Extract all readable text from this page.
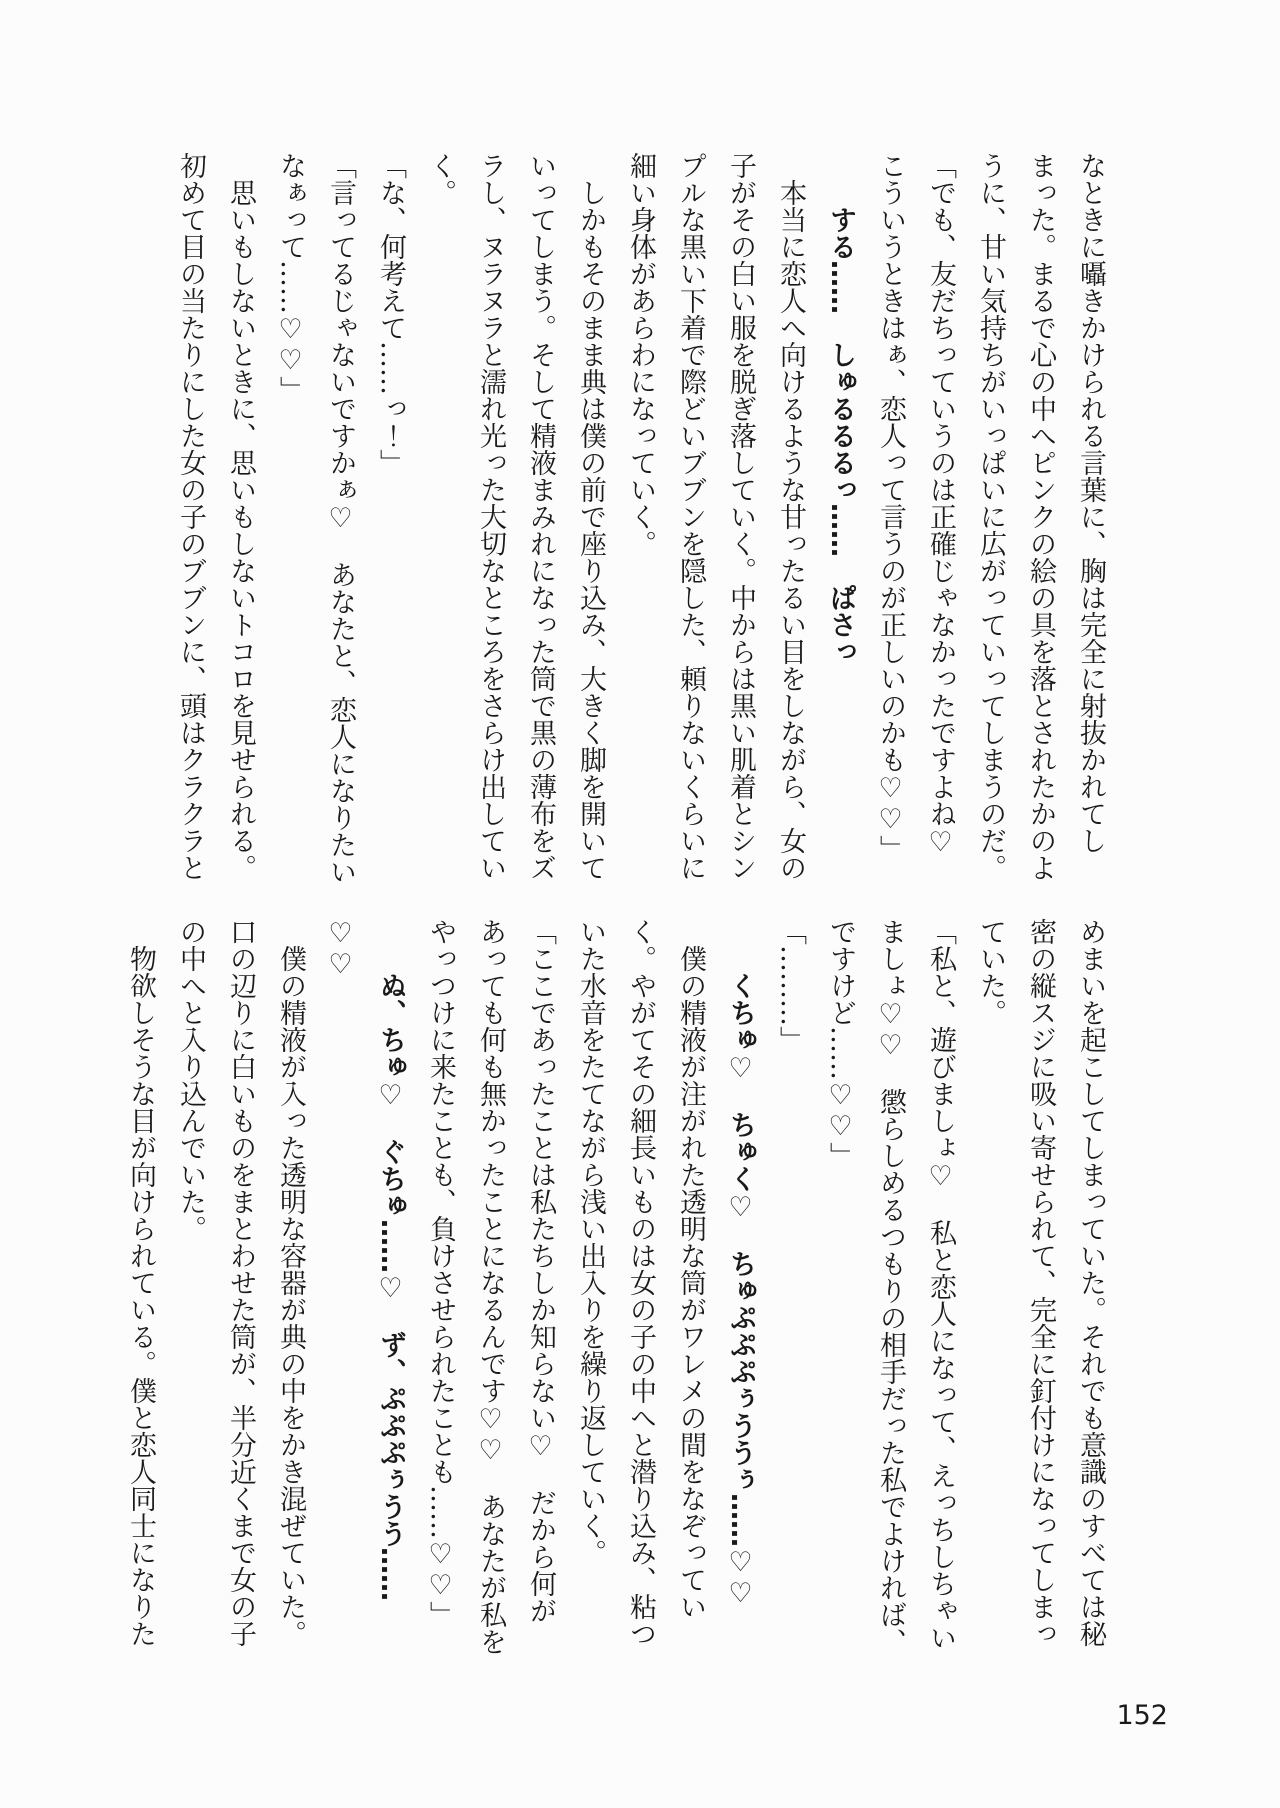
なときに囁きかけられる言葉に、胸は完全に射抜かれてしまった。まるで心の中へピンクの絵の具を落とされたかのように、甘い気持ちがいっぱいに広がっていってしまうのだ。

「でも、友だちっていうのは正確じゃなかったですよね♡　こういうときはぁ、恋人って言うのが正しいのかも♡♡」

する……　しゅるるるっ……　ぱさっ

本当に恋人へ向けるような甘ったるい目をしながら、女の子がその白い服を脱ぎ落していく。中からは黒い肌着とシンプルな黒い下着で際どいブブンを隠した、頼りないくらいに細い身体があらわになっていく。

しかもそのまま典は僕の前で座り込み、大きく脚を開いていってしまう。そして精液まみれになった筒で黒の薄布をズラし、ヌラヌラと濡れ光った大切なところをさらけ出していく。

「な、何考えて……っ！」

「言ってるじゃないですかぁ♡　あなたと、恋人になりたいなぁって……♡♡」

思いもしないときに、思いもしないトコロを見せられる。初めて目の当たりにした女の子のブブンに、頭はクラクラと

めまいを起こしてしまっていた。それでも意識のすべては秘密の縦スジに吸い寄せられて、完全に釘付けになってしまっていた。

「私と、遊びましょ♡　私と恋人になって、えっちしちゃいましょ♡♡　懲らしめるつもりの相手だった私でよければ、ですけど……♡♡」

「………」

くちゅ♡　ちゅく♡　ちゅぷぷぷぅううぅ……♡♡

僕の精液が注がれた透明な筒がワレメの間をなぞっていく。やがてその細長いものは女の子の中へと潜り込み、粘ついた水音をたてながら浅い出入りを繰り返していく。

「ここであったことは私たちしか知らない♡　だから何があっても何も無かったことになるんです♡♡　あなたが私をやっつけに来たことも、負けさせられたことも……♡♡」

ぬ、ちゅ♡　ぐちゅ……♡　ず、ぷぷぷぅうう……♡♡

僕の精液が入った透明な容器が典の中をかき混ぜていた。口の辺りに白いものをまとわせた筒が、半分近くまで女の子の中へと入り込んでいた。

物欲しそうな目が向けられている。僕と恋人同士になりた

152
